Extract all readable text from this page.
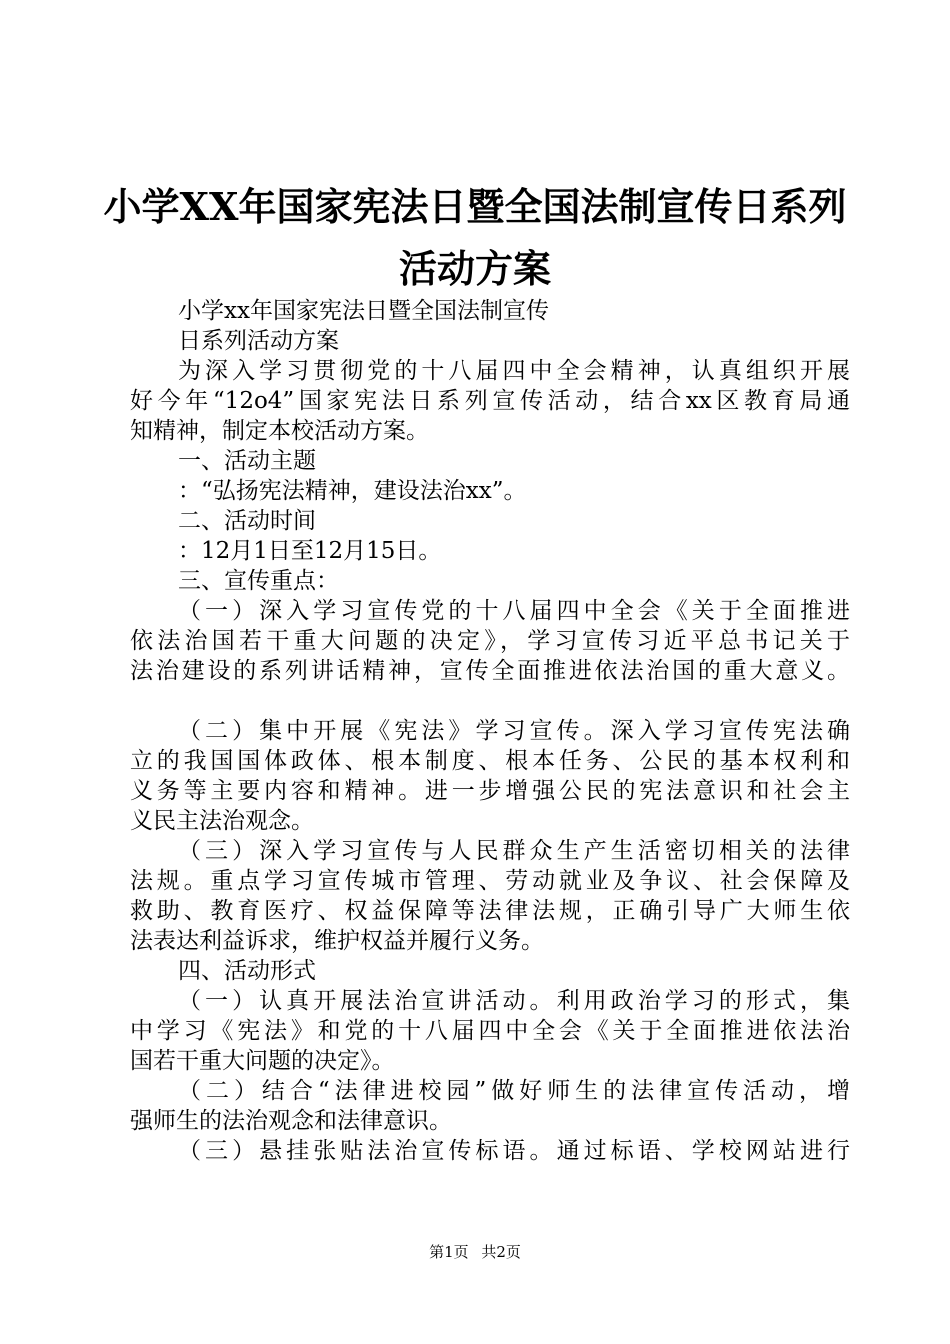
小学XX年国家宪法日暨全国法制宣传日系列
活动方案
小学xx年国家宪法日暨全国法制宣传
日系列活动方案
为深入学习贯彻党的十八届四中全会精神，认真组织开展
好今年“12o4”国家宪法日系列宣传活动，结合xx区教育局通
知精神，制定本校活动方案。
一、活动主题
：“弘扬宪法精神，建设法治xx”。
二、活动时间
：12月1日至12月15日。
三、宣传重点：
（一）深入学习宣传党的十八届四中全会《关于全面推进
依法治国若干重大问题的决定》，学习宣传习近平总书记关于
法治建设的系列讲话精神，宣传全面推进依法治国的重大意义。
（二）集中开展《宪法》学习宣传。深入学习宣传宪法确
立的我国国体政体、根本制度、根本任务、公民的基本权利和
义务等主要内容和精神。进一步增强公民的宪法意识和社会主
义民主法治观念。
（三）深入学习宣传与人民群众生产生活密切相关的法律
法规。重点学习宣传城市管理、劳动就业及争议、社会保障及
救助、教育医疗、权益保障等法律法规，正确引导广大师生依
法表达利益诉求，维护权益并履行义务。
四、活动形式
（一）认真开展法治宣讲活动。利用政治学习的形式，集
中学习《宪法》和党的十八届四中全会《关于全面推进依法治
国若干重大问题的决定》。
（二）结合“法律进校园”做好师生的法律宣传活动，增
强师生的法治观念和法律意识。
（三）悬挂张贴法治宣传标语。通过标语、学校网站进行
第1页 共2页
